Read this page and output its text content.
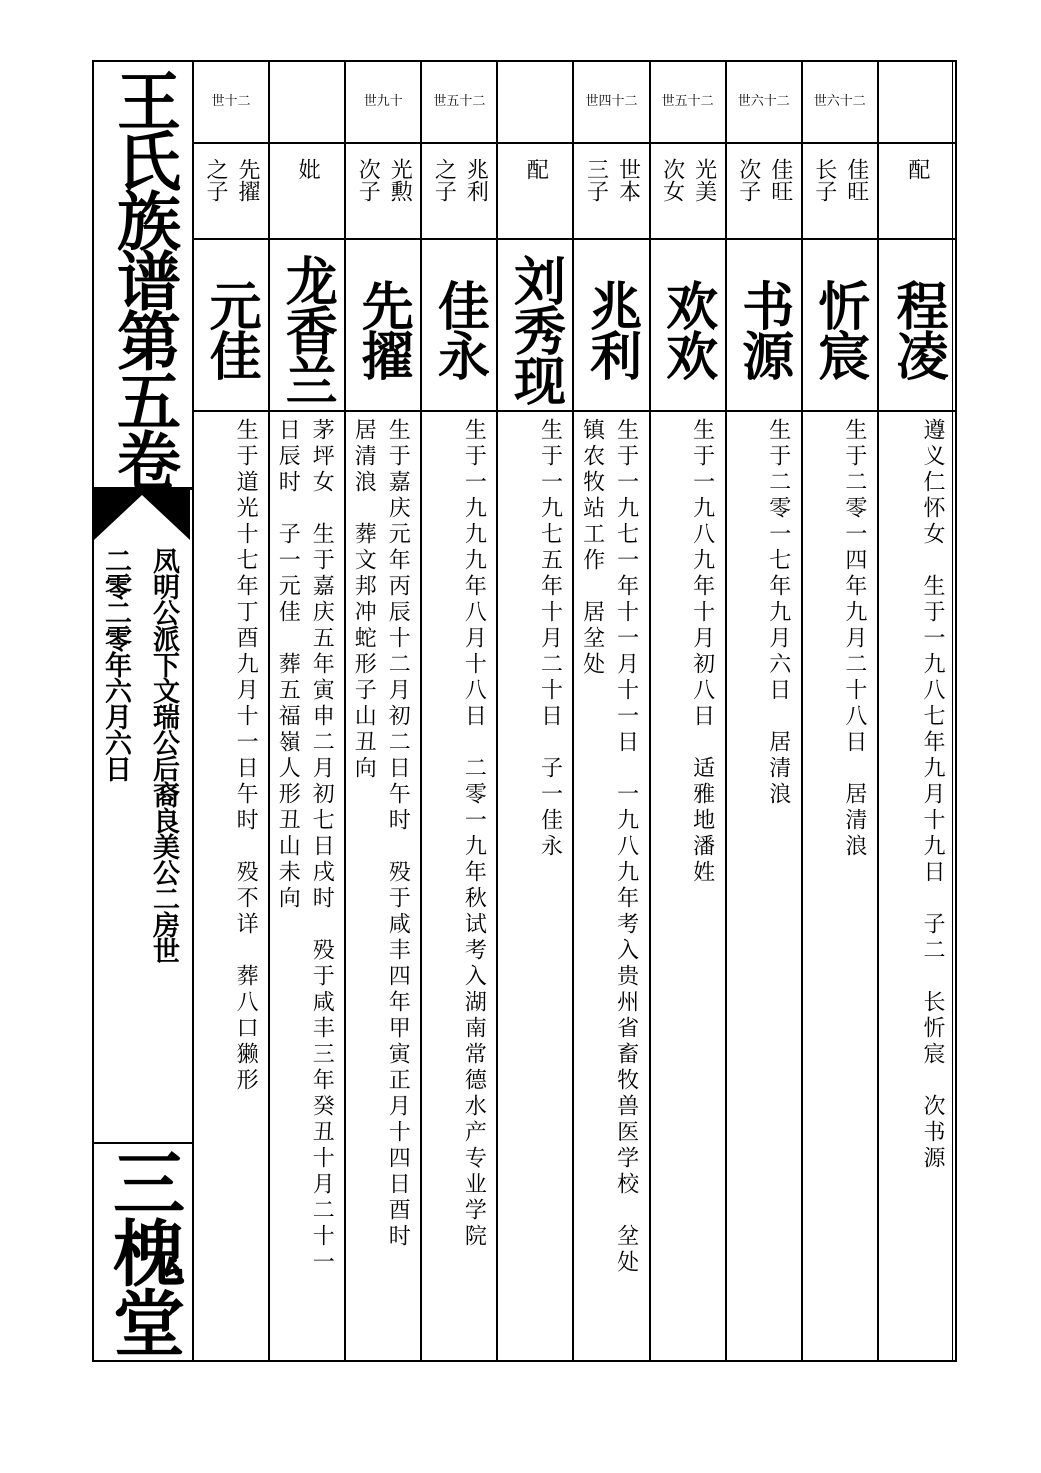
王氏族谱第五卷
凤明公派下文瑞公后裔良美公二房世
二零二零年六月六日
三槐堂
世十二
先擢
之子
元佳
生于道光十七年丁酉九月十一日午时　殁不详　葬八口獭形
妣
龙香兰
茅坪女　生于嘉庆五年寅申二月初七日戌时　殁于咸丰三年癸丑十月二十一
日辰时　子一元佳　葬五福嶺人形丑山未向
世九十
光勲
次子
先擢
生于嘉庆元年丙辰十二月初二日午时　殁于咸丰四年甲寅正月十四日酉时
居清浪　葬文邦冲蛇形子山丑向
世五十二
兆利
之子
佳永
生于一九九九年八月十八日　二零一九年秋试考入湖南常德水产专业学院
配
刘秀现
生于一九七五年十月二十日　子一佳永
世四十二
世本
三子
兆利
生于一九七一年十一月十一日　一九八九年考入贵州省畜牧兽医学校　坌处
镇农牧站工作　居坌处
世五十二
光美
次女
欢欢
生于一九八九年十月初八日　适雅地潘姓
世六十二
佳旺
次子
书源
生于二零一七年九月六日　居清浪
世六十二
佳旺
长子
忻宸
生于二零一四年九月二十八日　居清浪
配
程凌
遵义仁怀女　生于一九八七年九月十九日　子二　长忻宸　次书源
